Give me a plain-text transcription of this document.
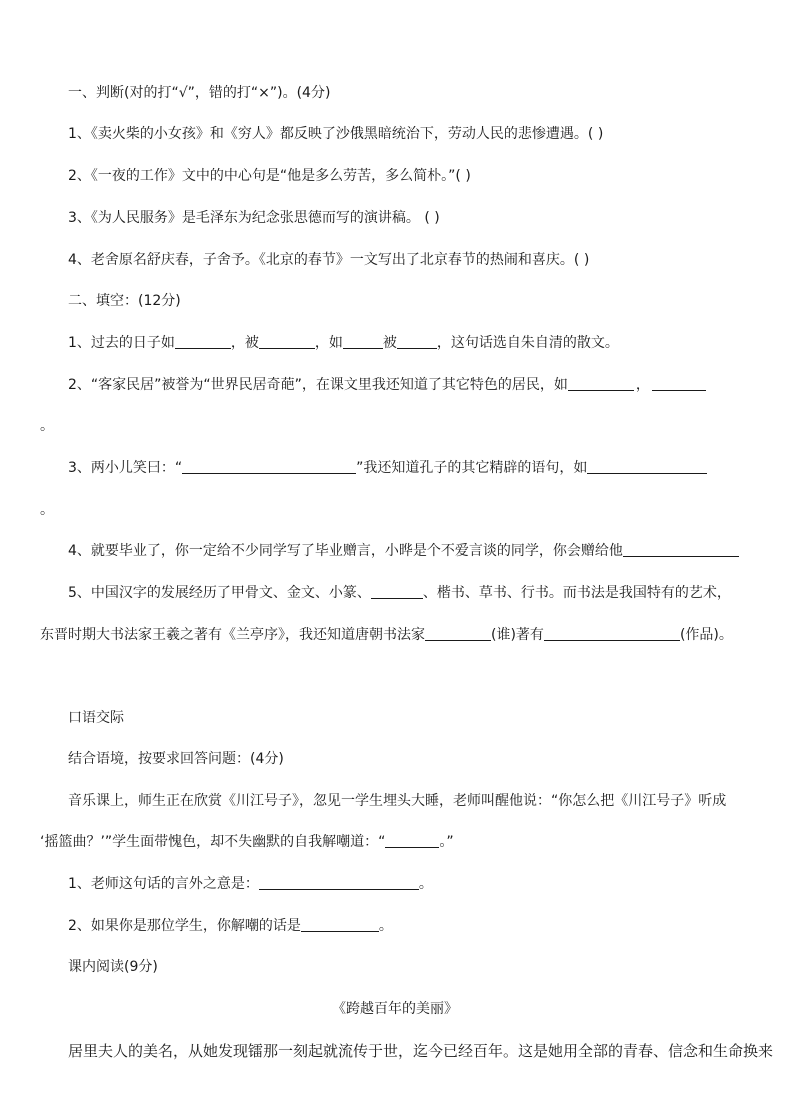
一、判断(对的打“√”，错的打“×”)。(4分)
1、《卖火柴的小女孩》和《穷人》都反映了沙俄黑暗统治下，劳动人民的悲惨遭遇。( )
2、《一夜的工作》文中的中心句是“他是多么劳苦，多么简朴。”( )
3、《为人民服务》是毛泽东为纪念张思德而写的演讲稿。 ( )
4、老舍原名舒庆春，子舍予。《北京的春节》一文写出了北京春节的热闹和喜庆。( )
二、填空：(12分)
1、过去的日子如	，被	，如	被	，这句话选自朱自清的散文。
2、“客家民居”被誉为“世界民居奇葩”，在课文里我还知道了其它特色的居民，如	，
。
3、两小儿笑曰：“	”我还知道孔子的其它精辟的语句，如
。
4、就要毕业了，你一定给不少同学写了毕业赠言，小晔是个不爱言谈的同学，你会赠给他
5、中国汉字的发展经历了甲骨文、金文、小篆、	、楷书、草书、行书。而书法是我国特有的艺术，
东晋时期大书法家王羲之著有《兰亭序》，我还知道唐朝书法家	(谁)著有	(作品)。
口语交际
结合语境，按要求回答问题：(4分)
音乐课上，师生正在欣赏《川江号子》，忽见一学生埋头大睡，老师叫醒他说：“你怎么把《川江号子》听成
‘摇篮曲？’”学生面带愧色，却不失幽默的自我解嘲道：“	。”
1、老师这句话的言外之意是：	。
2、如果你是那位学生，你解嘲的话是	。
课内阅读(9分)
《跨越百年的美丽》
居里夫人的美名，从她发现镭那一刻起就流传于世，迄今已经百年。这是她用全部的青春、信念和生命换来
